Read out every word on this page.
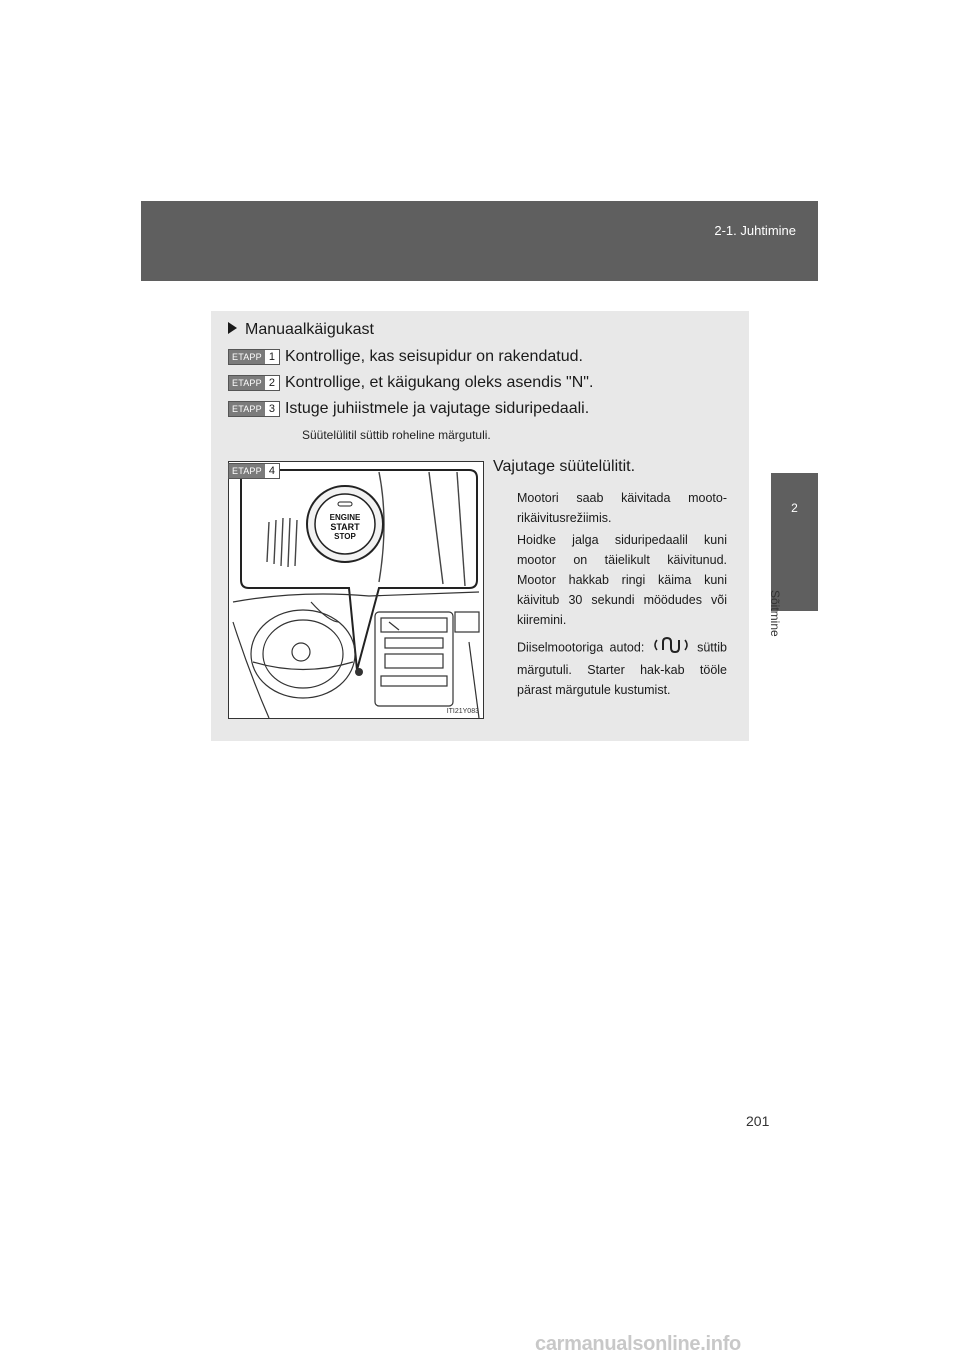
2-1. Juhtimine
2
Sõitmine
Manuaalkäigukast
ETAPP 1 Kontrollige, kas seisupidur on rakendatud.
ETAPP 2 Kontrollige, et käigukang oleks asendis "N".
ETAPP 3 Istuge juhiistmele ja vajutage siduripedaali.
Süütelülitil süttib roheline märgutuli.
ENGINE
START
STOP
ITI21Y083
ETAPP 4	Vajutage süütelülitit.
Mootori saab käivitada mooto-rikäivitusrežiimis.
Hoidke jalga siduripedaalil kuni mootor on täielikult käivitunud. Mootor hakkab ringi käima kuni käivitub 30 sekundi möödudes või kiiremini.
Diiselmootoriga autod:	süttib märgutuli. Starter hak-kab tööle pärast märgutule kustumist.
201
carmanualsonline.info
